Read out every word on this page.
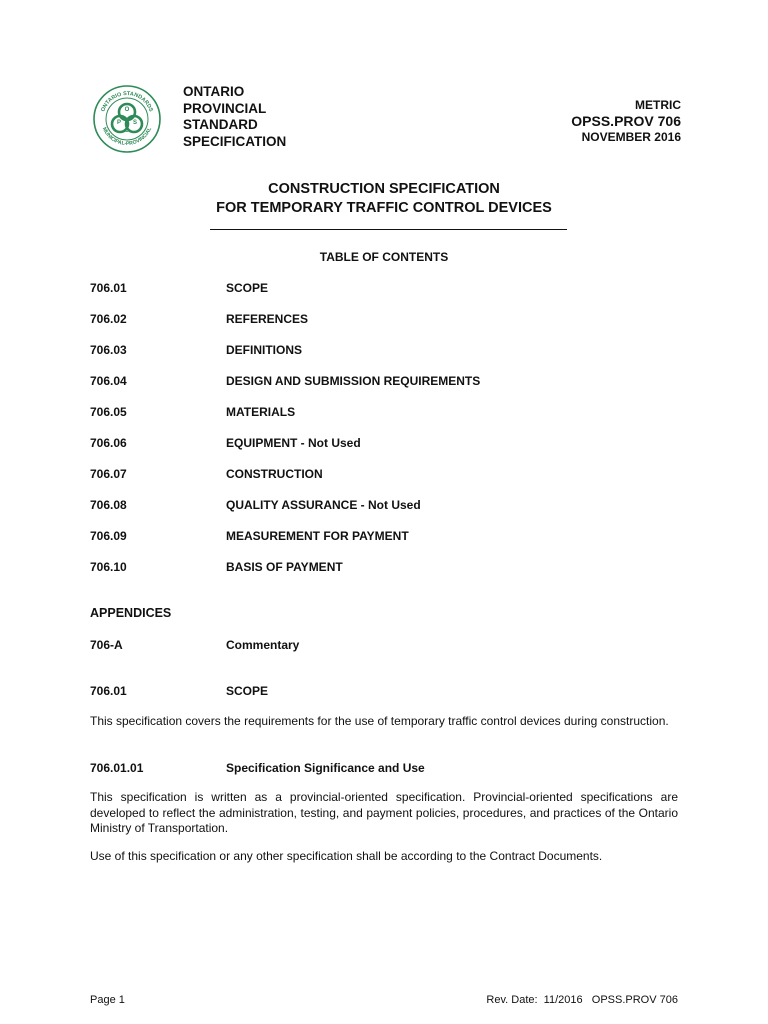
ONTARIO STANDARDS
MUNICIPAL-PROVINCIAL
O
P S
S
ONTARIO
PROVINCIAL
STANDARD
SPECIFICATION
METRIC
OPSS.PROV 706
NOVEMBER 2016
CONSTRUCTION SPECIFICATION
FOR TEMPORARY TRAFFIC CONTROL DEVICES
TABLE OF CONTENTS
706.01	SCOPE
706.02	REFERENCES
706.03	DEFINITIONS
706.04	DESIGN AND SUBMISSION REQUIREMENTS
706.05	MATERIALS
706.06	EQUIPMENT - Not Used
706.07	CONSTRUCTION
706.08	QUALITY ASSURANCE - Not Used
706.09	MEASUREMENT FOR PAYMENT
706.10	BASIS OF PAYMENT
APPENDICES
706-A	Commentary
706.01	SCOPE
This specification covers the requirements for the use of temporary traffic control devices during construction.
706.01.01	Specification Significance and Use
This specification is written as a provincial-oriented specification. Provincial-oriented specifications are developed to reflect the administration, testing, and payment policies, procedures, and practices of the Ontario Ministry of Transportation.
Use of this specification or any other specification shall be according to the Contract Documents.
Page 1	Rev. Date:  11/2016   OPSS.PROV 706
